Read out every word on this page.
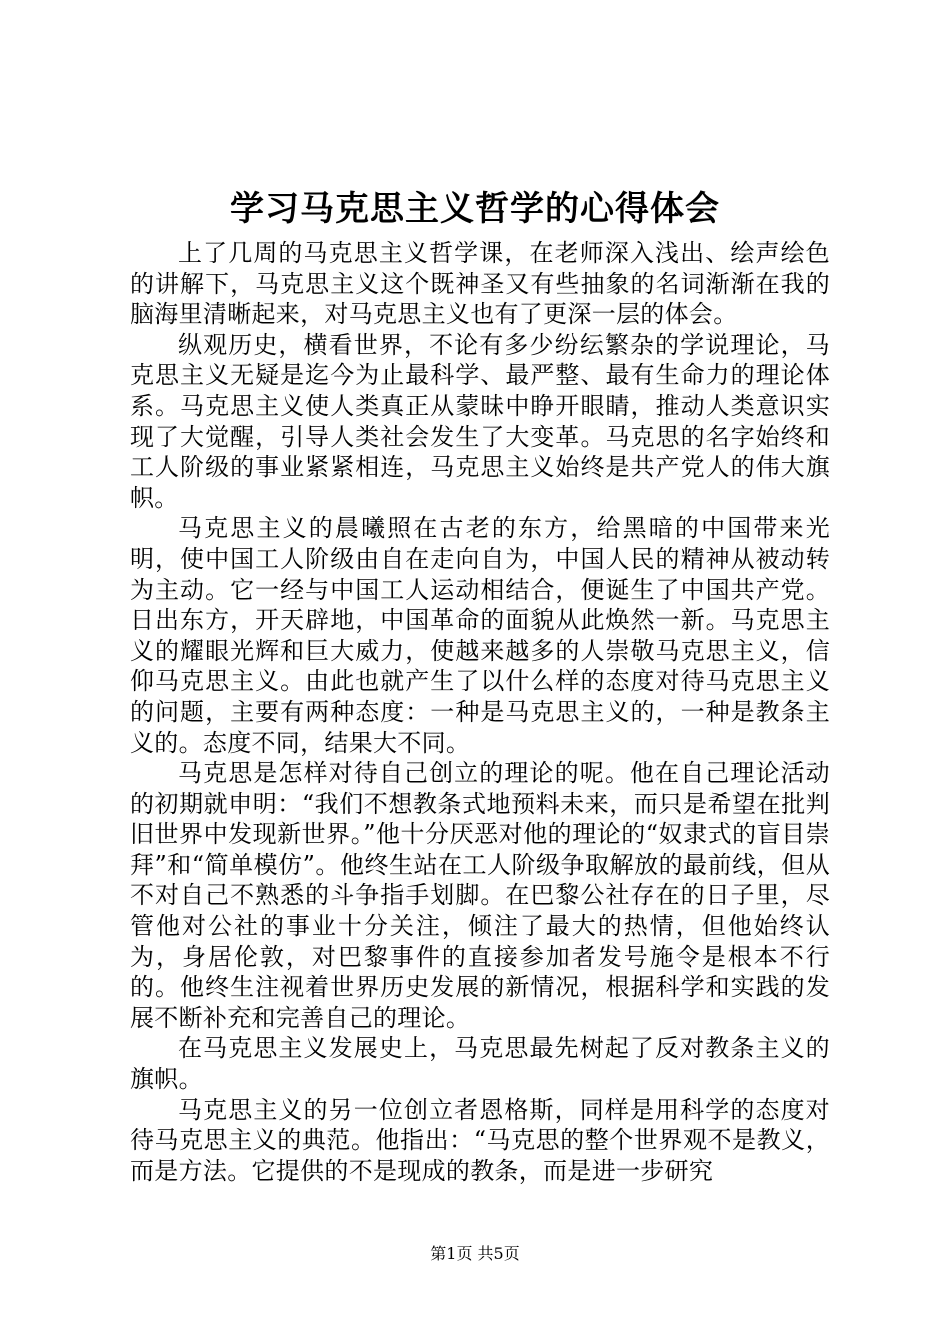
学习马克思主义哲学的心得体会

上了几周的马克思主义哲学课，在老师深入浅出、绘声绘色的讲解下，马克思主义这个既神圣又有些抽象的名词渐渐在我的脑海里清晰起来，对马克思主义也有了更深一层的体会。

纵观历史，横看世界，不论有多少纷纭繁杂的学说理论，马克思主义无疑是迄今为止最科学、最严整、最有生命力的理论体系。马克思主义使人类真正从蒙昧中睁开眼睛，推动人类意识实现了大觉醒，引导人类社会发生了大变革。马克思的名字始终和工人阶级的事业紧紧相连，马克思主义始终是共产党人的伟大旗帜。

马克思主义的晨曦照在古老的东方，给黑暗的中国带来光明，使中国工人阶级由自在走向自为，中国人民的精神从被动转为主动。它一经与中国工人运动相结合，便诞生了中国共产党。日出东方，开天辟地，中国革命的面貌从此焕然一新。马克思主义的耀眼光辉和巨大威力，使越来越多的人崇敬马克思主义，信仰马克思主义。由此也就产生了以什么样的态度对待马克思主义的问题，主要有两种态度：一种是马克思主义的，一种是教条主义的。态度不同，结果大不同。

马克思是怎样对待自己创立的理论的呢。他在自己理论活动的初期就申明：“我们不想教条式地预料未来，而只是希望在批判旧世界中发现新世界。”他十分厌恶对他的理论的“奴隶式的盲目崇拜”和“简单模仿”。他终生站在工人阶级争取解放的最前线，但从不对自己不熟悉的斗争指手划脚。在巴黎公社存在的日子里，尽管他对公社的事业十分关注，倾注了最大的热情，但他始终认为，身居伦敦，对巴黎事件的直接参加者发号施令是根本不行的。他终生注视着世界历史发展的新情况，根据科学和实践的发展不断补充和完善自己的理论。

在马克思主义发展史上，马克思最先树起了反对教条主义的旗帜。

马克思主义的另一位创立者恩格斯，同样是用科学的态度对待马克思主义的典范。他指出：“马克思的整个世界观不是教义，而是方法。它提供的不是现成的教条，而是进一步研究

第1页 共5页
